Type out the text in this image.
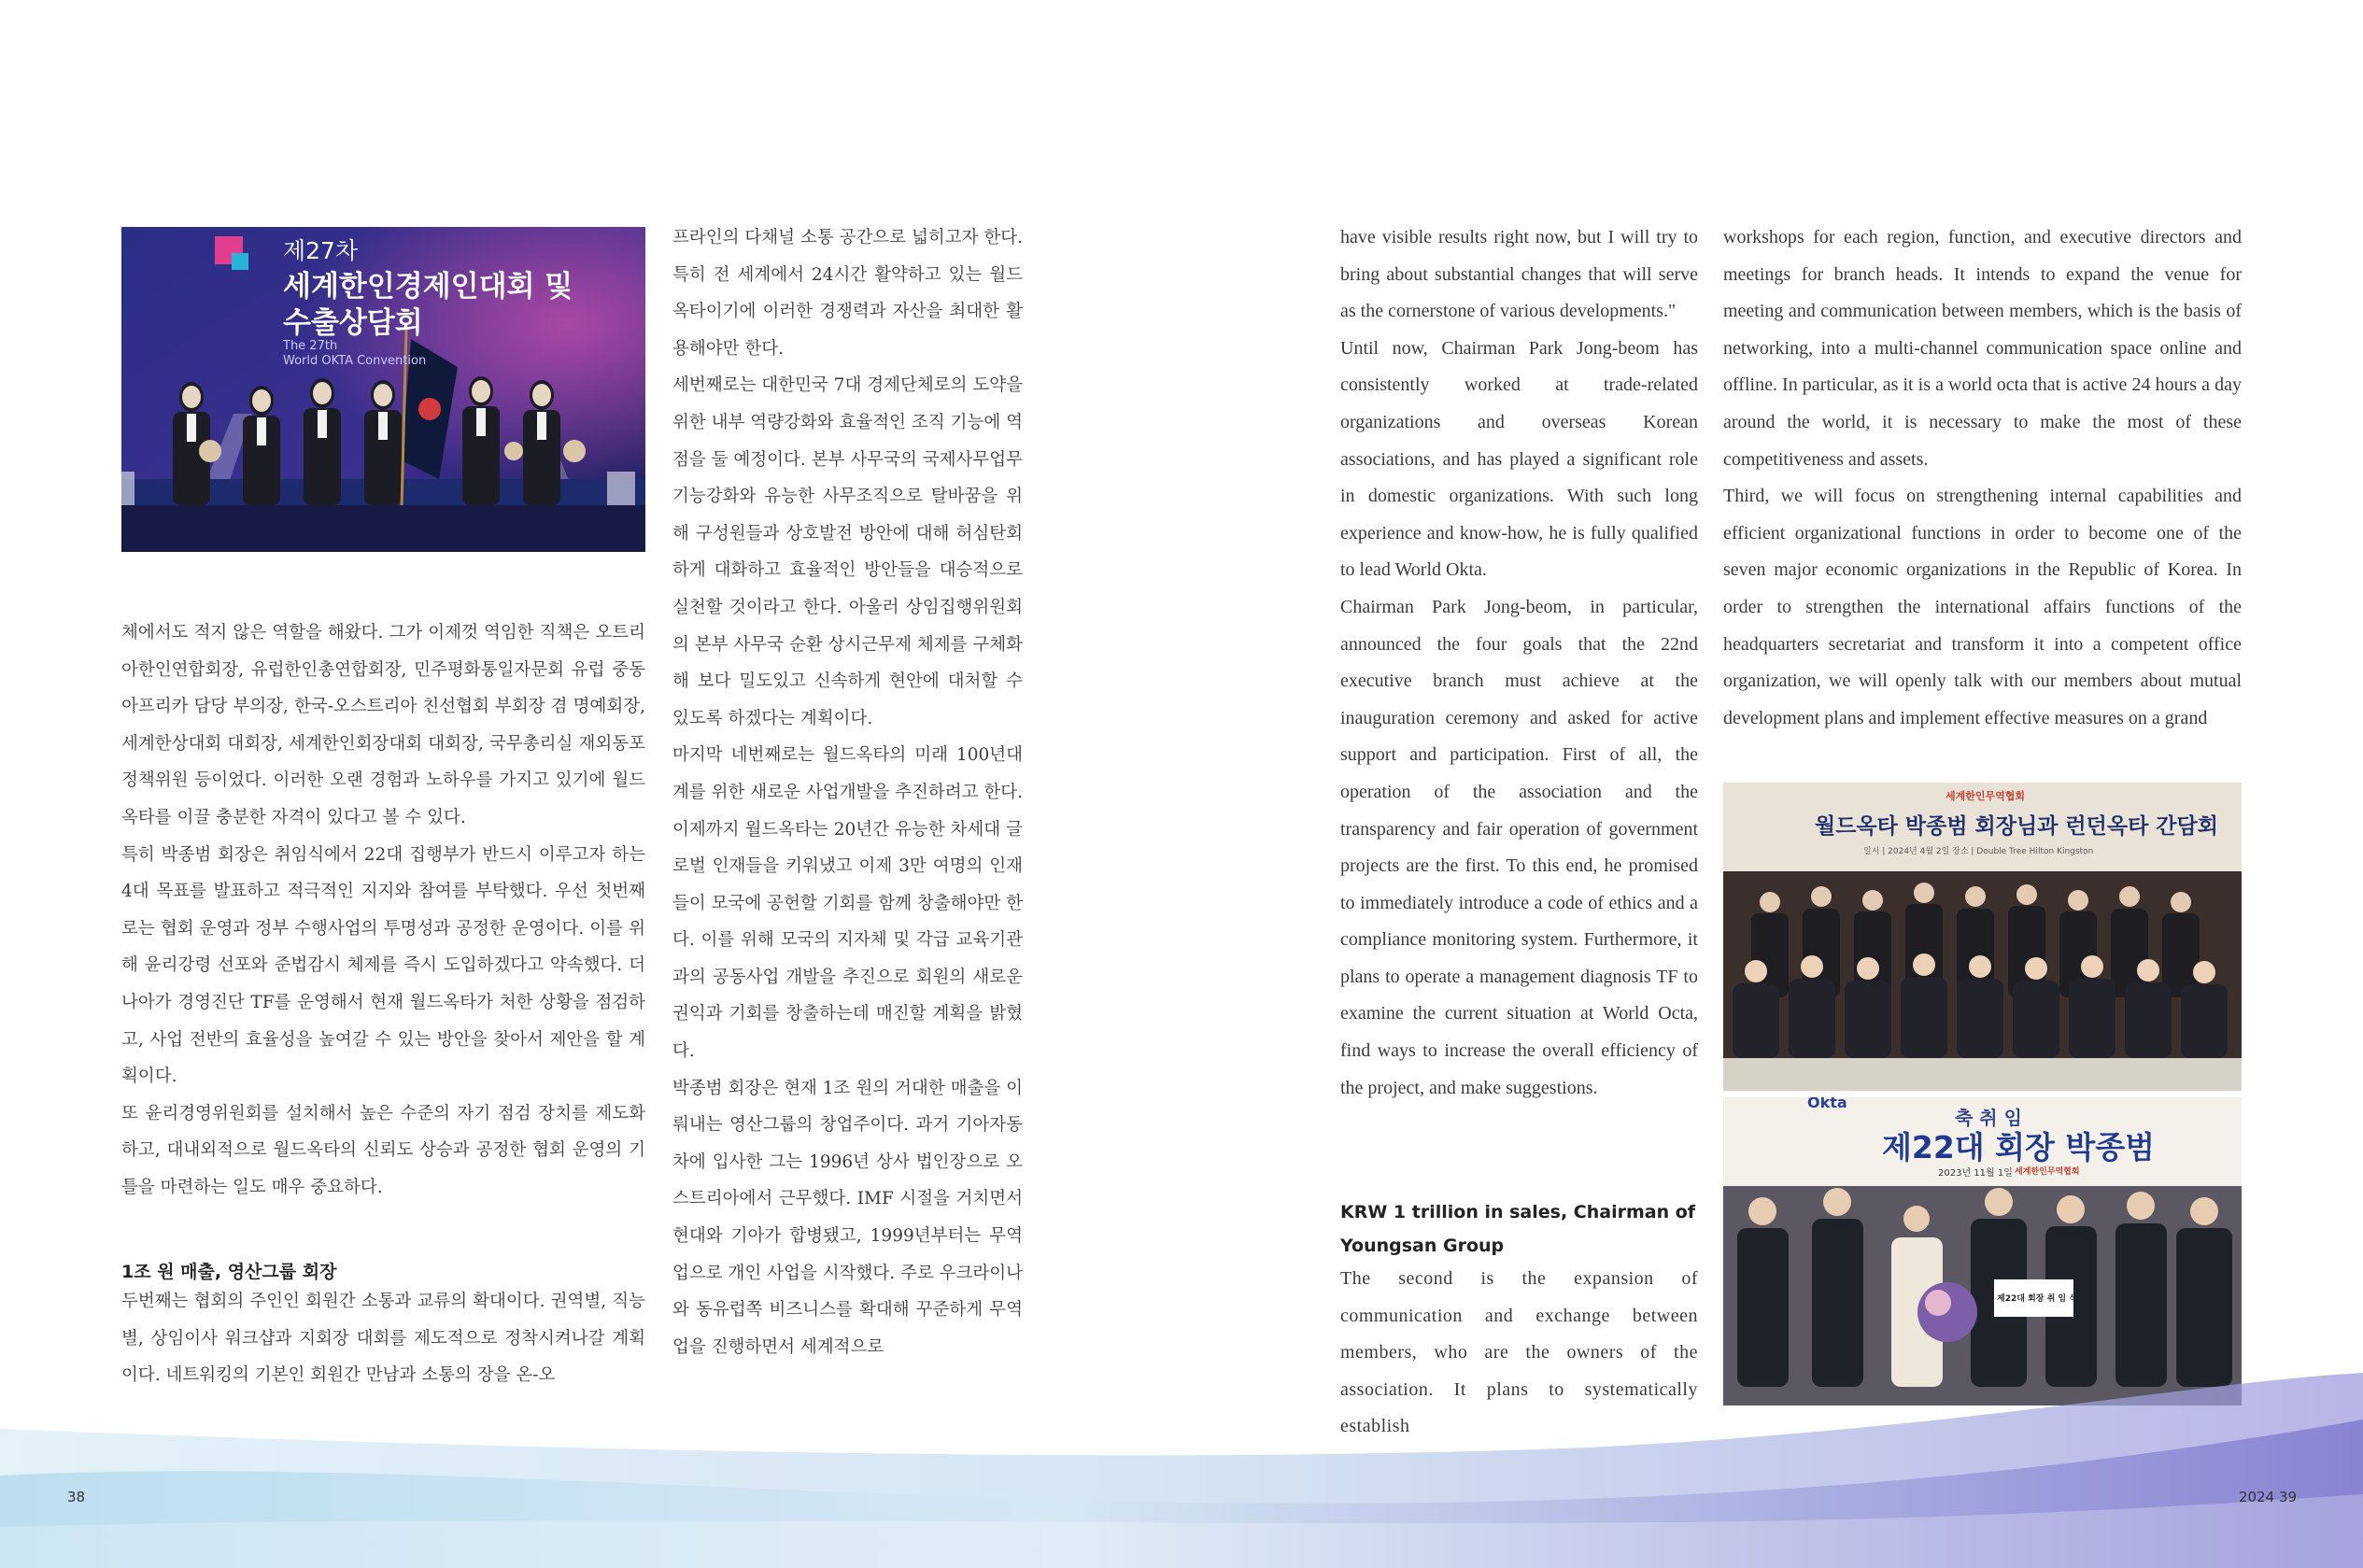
제27차
세계한인경제인대회 및
수출상담회
The 27th
World OKTA Convention
체에서도 적지 않은 역할을 해왔다. 그가 이제껏 역임한 직책은 오트리아한인연합회장, 유럽한인총연합회장, 민주평화통일자문회 유럽 중동 아프리카 담당 부의장, 한국-오스트리아 친선협회 부회장 겸 명예회장, 세계한상대회 대회장, 세계한인회장대회 대회장, 국무총리실 재외동포정책위원 등이었다. 이러한 오랜 경험과 노하우를 가지고 있기에 월드옥타를 이끌 충분한 자격이 있다고 볼 수 있다.
특히 박종범 회장은 취임식에서 22대 집행부가 반드시 이루고자 하는 4대 목표를 발표하고 적극적인 지지와 참여를 부탁했다. 우선 첫번째로는 협회 운영과 정부 수행사업의 투명성과 공정한 운영이다. 이를 위해 윤리강령 선포와 준법감시 체제를 즉시 도입하겠다고 약속했다. 더 나아가 경영진단 TF를 운영해서 현재 월드옥타가 처한 상황을 점검하고, 사업 전반의 효율성을 높여갈 수 있는 방안을 찾아서 제안을 할 계획이다.
또 윤리경영위원회를 설치해서 높은 수준의 자기 점검 장치를 제도화하고, 대내외적으로 월드옥타의 신뢰도 상승과 공정한 협회 운영의 기틀을 마련하는 일도 매우 중요하다.
1조 원 매출, 영산그룹 회장
두번째는 협회의 주인인 회원간 소통과 교류의 확대이다. 권역별, 직능별, 상임이사 워크샵과 지회장 대회를 제도적으로 정착시켜나갈 계획이다. 네트워킹의 기본인 회원간 만남과 소통의 장을 온-오
프라인의 다채널 소통 공간으로 넓히고자 한다. 특히 전 세계에서 24시간 활약하고 있는 월드옥타이기에 이러한 경쟁력과 자산을 최대한 활용해야만 한다.
세번째로는 대한민국 7대 경제단체로의 도약을 위한 내부 역량강화와 효율적인 조직 기능에 역점을 둘 예정이다. 본부 사무국의 국제사무업무 기능강화와 유능한 사무조직으로 탈바꿈을 위해 구성원들과 상호발전 방안에 대해 허심탄회하게 대화하고 효율적인 방안들을 대승적으로 실천할 것이라고 한다. 아울러 상임집행위원회의 본부 사무국 순환 상시근무제 체제를 구체화 해 보다 밀도있고 신속하게 현안에 대처할 수 있도록 하겠다는 계획이다.
마지막 네번째로는 월드옥타의 미래 100년대계를 위한 새로운 사업개발을 추진하려고 한다. 이제까지 월드옥타는 20년간 유능한 차세대 글로벌 인재들을 키워냈고 이제 3만 여명의 인재들이 모국에 공헌할 기회를 함께 창출해야만 한다. 이를 위해 모국의 지자체 및 각급 교육기관과의 공동사업 개발을 추진으로 회원의 새로운 권익과 기회를 창출하는데 매진할 계획을 밝혔다.
박종범 회장은 현재 1조 원의 거대한 매출을 이뤄내는 영산그룹의 창업주이다. 과거 기아자동차에 입사한 그는 1996년 상사 법인장으로 오스트리아에서 근무했다. IMF 시절을 거치면서 현대와 기아가 합병됐고, 1999년부터는 무역업으로 개인 사업을 시작했다. 주로 우크라이나와 동유럽쪽 비즈니스를 확대해 꾸준하게 무역업을 진행하면서 세계적으로
have visible results right now, but I will try to bring about substantial changes that will serve as the cornerstone of various developments."
Until now, Chairman Park Jong-beom has consistently worked at trade-related organizations and overseas Korean associations, and has played a significant role in domestic organizations. With such long experience and know-how, he is fully qualified to lead World Okta.
Chairman Park Jong-beom, in particular, announced the four goals that the 22nd executive branch must achieve at the inauguration ceremony and asked for active support and participation. First of all, the operation of the association and the transparency and fair operation of government projects are the first. To this end, he promised to immediately introduce a code of ethics and a compliance monitoring system. Furthermore, it plans to operate a management diagnosis TF to examine the current situation at World Octa, find ways to increase the overall efficiency of the project, and make suggestions.
KRW 1 trillion in sales, Chairman of Youngsan Group
The second is the expansion of communication and exchange between members, who are the owners of the association. It plans to systematically establish
workshops for each region, function, and executive directors and meetings for branch heads. It intends to expand the venue for meeting and communication between members, which is the basis of networking, into a multi-channel communication space online and offline. In particular, as it is a world octa that is active 24 hours a day around the world, it is necessary to make the most of these competitiveness and assets.
Third, we will focus on strengthening internal capabilities and efficient organizational functions in order to become one of the seven major economic organizations in the Republic of Korea. In order to strengthen the international affairs functions of the headquarters secretariat and transform it into a competent office organization, we will openly talk with our members about mutual development plans and implement effective measures on a grand
세계한인무역협회
월드옥타 박종범 회장님과 런던옥타 간담회
일시 | 2024년 4월 2일 장소 | Double Tree Hilton Kingston
Okta
축 취 임
제22대 회장 박종범
2023년 11월 1일 세계한인무역협회
제22대 회장 취 임 식
38	2024 39
